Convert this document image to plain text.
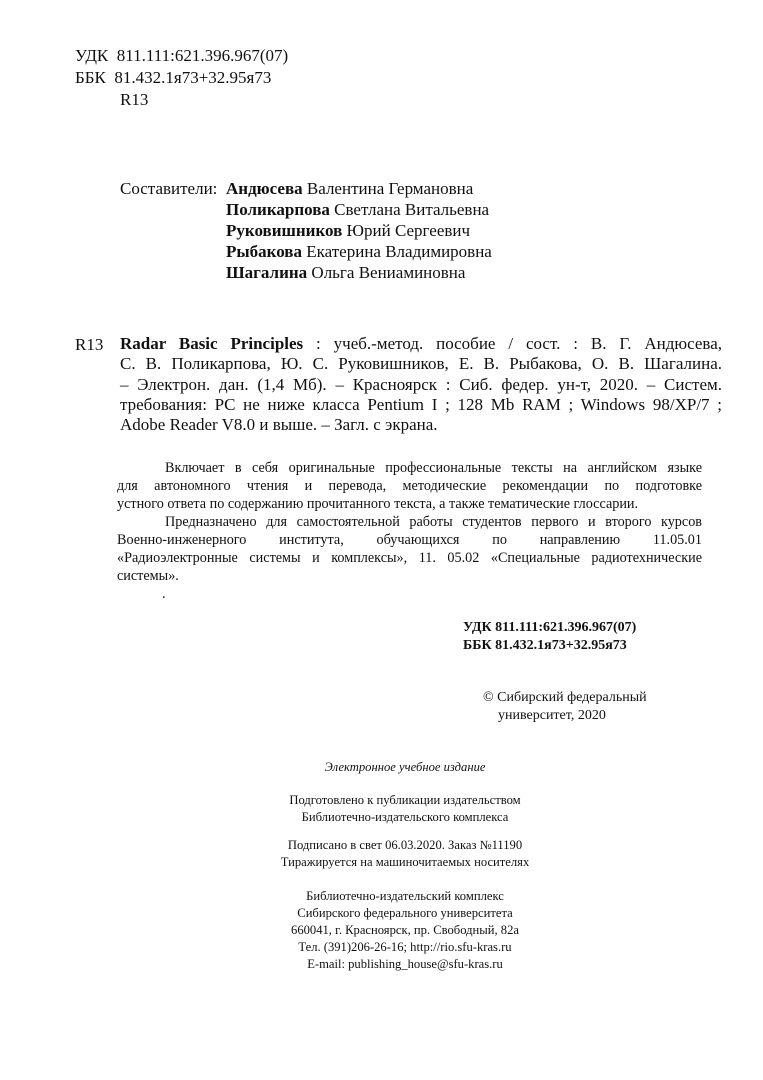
УДК 811.111:621.396.967(07)
ББК 81.432.1я73+32.95я73
R13
Составители: Андюсева Валентина Германовна
Поликарпова Светлана Витальевна
Руковишников Юрий Сергеевич
Рыбакова Екатерина Владимировна
Шагалина Ольга Вениаминовна
R13 Radar Basic Principles : учеб.-метод. пособие / сост. : В. Г. Андюсева,
С. В. Поликарпова, Ю. С. Руковишников, Е. В. Рыбакова, О. В. Шагалина.
– Электрон. дан. (1,4 Мб). – Красноярск : Сиб. федер. ун-т, 2020. – Систем.
требования: PC не ниже класса Pentium I ; 128 Mb RAM ; Windows 98/XP/7 ;
Adobe Reader V8.0 и выше. – Загл. с экрана.
Включает в себя оригинальные профессиональные тексты на английском языке
для автономного чтения и перевода, методические рекомендации по подготовке
устного ответа по содержанию прочитанного текста, а также тематические глоссарии.
Предназначено для самостоятельной работы студентов первого и второго курсов
Военно-инженерного института, обучающихся по направлению 11.05.01
«Радиоэлектронные системы и комплексы», 11. 05.02 «Специальные радиотехнические
системы».
.
УДК 811.111:621.396.967(07)
ББК 81.432.1я73+32.95я73
© Сибирский федеральный
университет, 2020
Электронное учебное издание
Подготовлено к публикации издательством
Библиотечно-издательского комплекса
Подписано в свет 06.03.2020. Заказ №11190
Тиражируется на машиночитаемых носителях
Библиотечно-издательский комплекс
Сибирского федерального университета
660041, г. Красноярск, пр. Свободный, 82а
Тел. (391)206-26-16; http://rio.sfu-kras.ru
E-mail: publishing_house@sfu-kras.ru
